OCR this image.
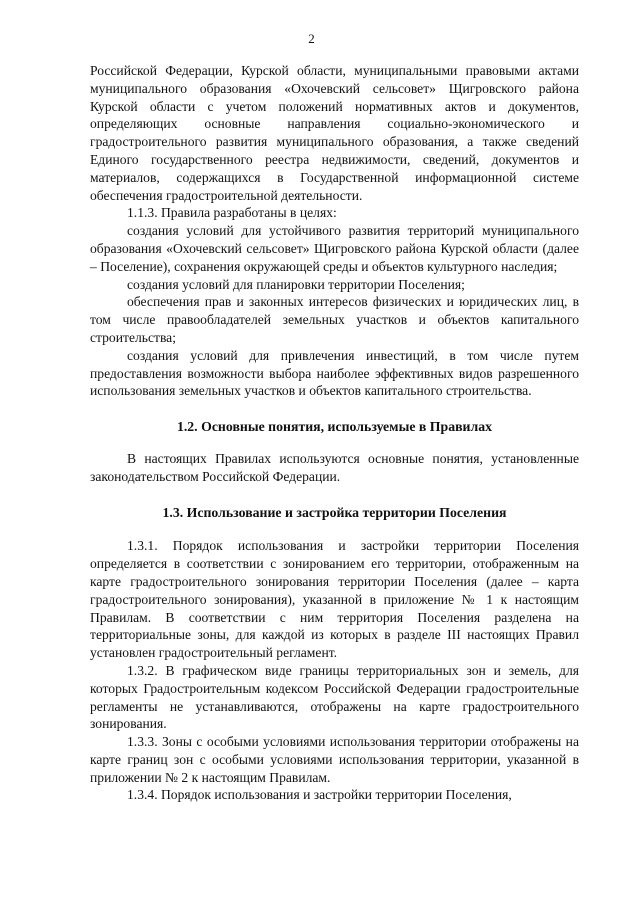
2

Российской Федерации, Курской области, муниципальными правовыми актами муниципального образования «Охочевский сельсовет» Щигровского района Курской области с учетом положений нормативных актов и документов, определяющих основные направления социально-экономического и градостроительного развития муниципального образования, а также сведений Единого государственного реестра недвижимости, сведений, документов и материалов, содержащихся в Государственной информационной системе обеспечения градостроительной деятельности.

1.1.3. Правила разработаны в целях:

создания условий для устойчивого развития территорий муниципального образования «Охочевский сельсовет» Щигровского района Курской области (далее – Поселение), сохранения окружающей среды и объектов культурного наследия;

создания условий для планировки территории Поселения;

обеспечения прав и законных интересов физических и юридических лиц, в том числе правообладателей земельных участков и объектов капитального строительства;

создания условий для привлечения инвестиций, в том числе путем предоставления возможности выбора наиболее эффективных видов разрешенного использования земельных участков и объектов капитального строительства.

1.2. Основные понятия, используемые в Правилах

В настоящих Правилах используются основные понятия, установленные законодательством Российской Федерации.

1.3. Использование и застройка территории Поселения

1.3.1. Порядок использования и застройки территории Поселения определяется в соответствии с зонированием его территории, отображенным на карте градостроительного зонирования территории Поселения (далее – карта градостроительного зонирования), указанной в приложение № 1 к настоящим Правилам. В соответствии с ним территория Поселения разделена на территориальные зоны, для каждой из которых в разделе III настоящих Правил установлен градостроительный регламент.

1.3.2. В графическом виде границы территориальных зон и земель, для которых Градостроительным кодексом Российской Федерации градостроительные регламенты не устанавливаются, отображены на карте градостроительного зонирования.

1.3.3. Зоны с особыми условиями использования территории отображены на карте границ зон с особыми условиями использования территории, указанной в приложении № 2 к настоящим Правилам.

1.3.4. Порядок использования и застройки территории Поселения,
